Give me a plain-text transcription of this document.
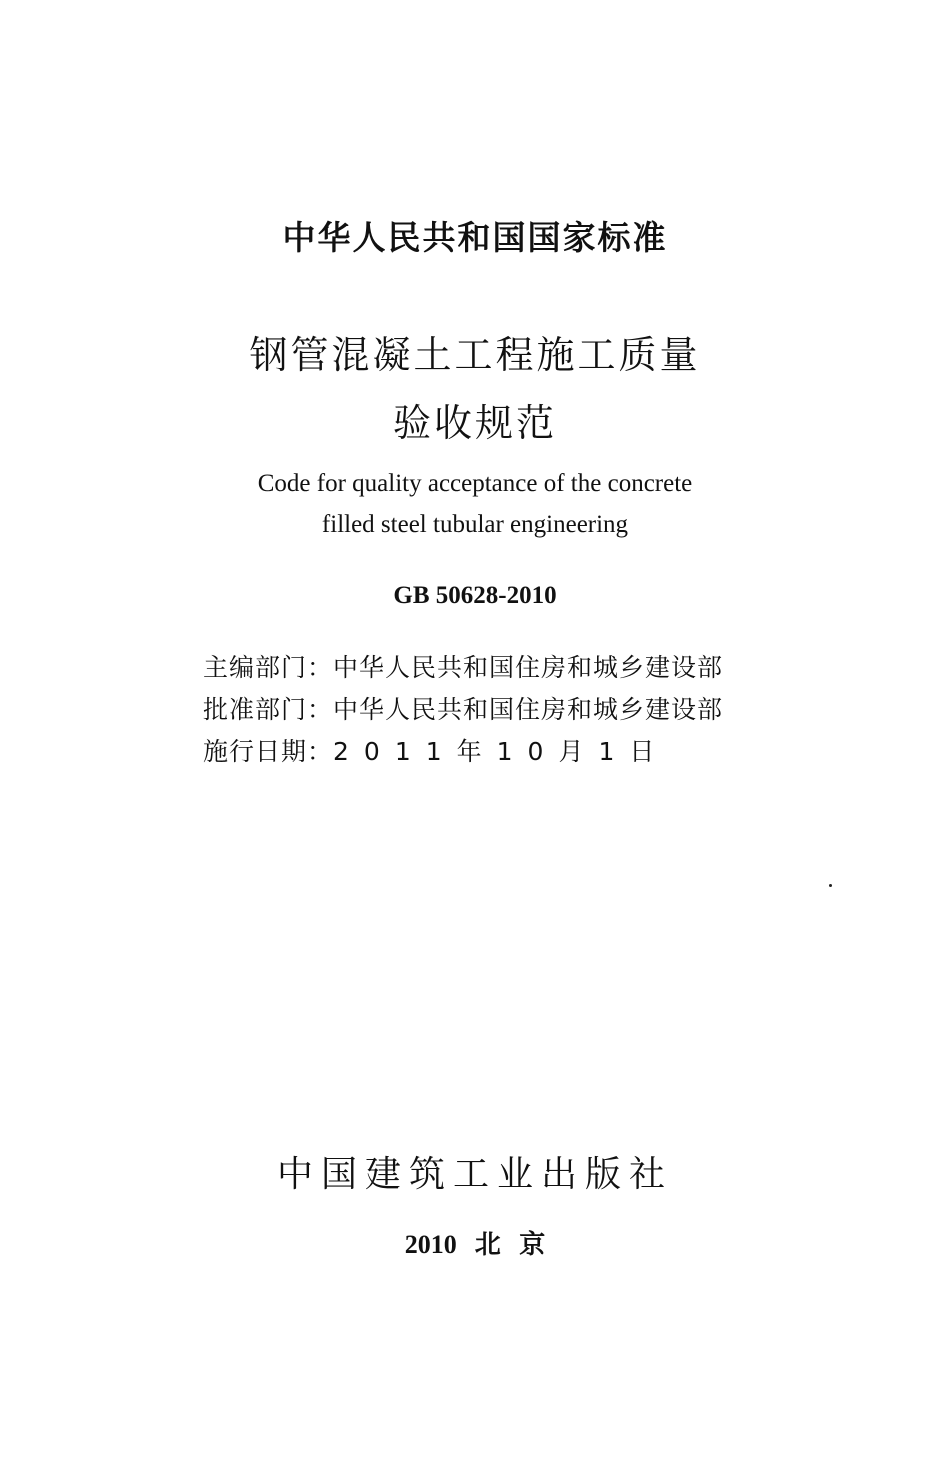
中华人民共和国国家标准
钢管混凝土工程施工质量
验收规范
Code for quality acceptance of the concrete
filled steel tubular engineering
GB 50628-2010
主编部门：中华人民共和国住房和城乡建设部
批准部门：中华人民共和国住房和城乡建设部
施行日期：2011年10月1日
中国建筑工业出版社
2010 北 京
